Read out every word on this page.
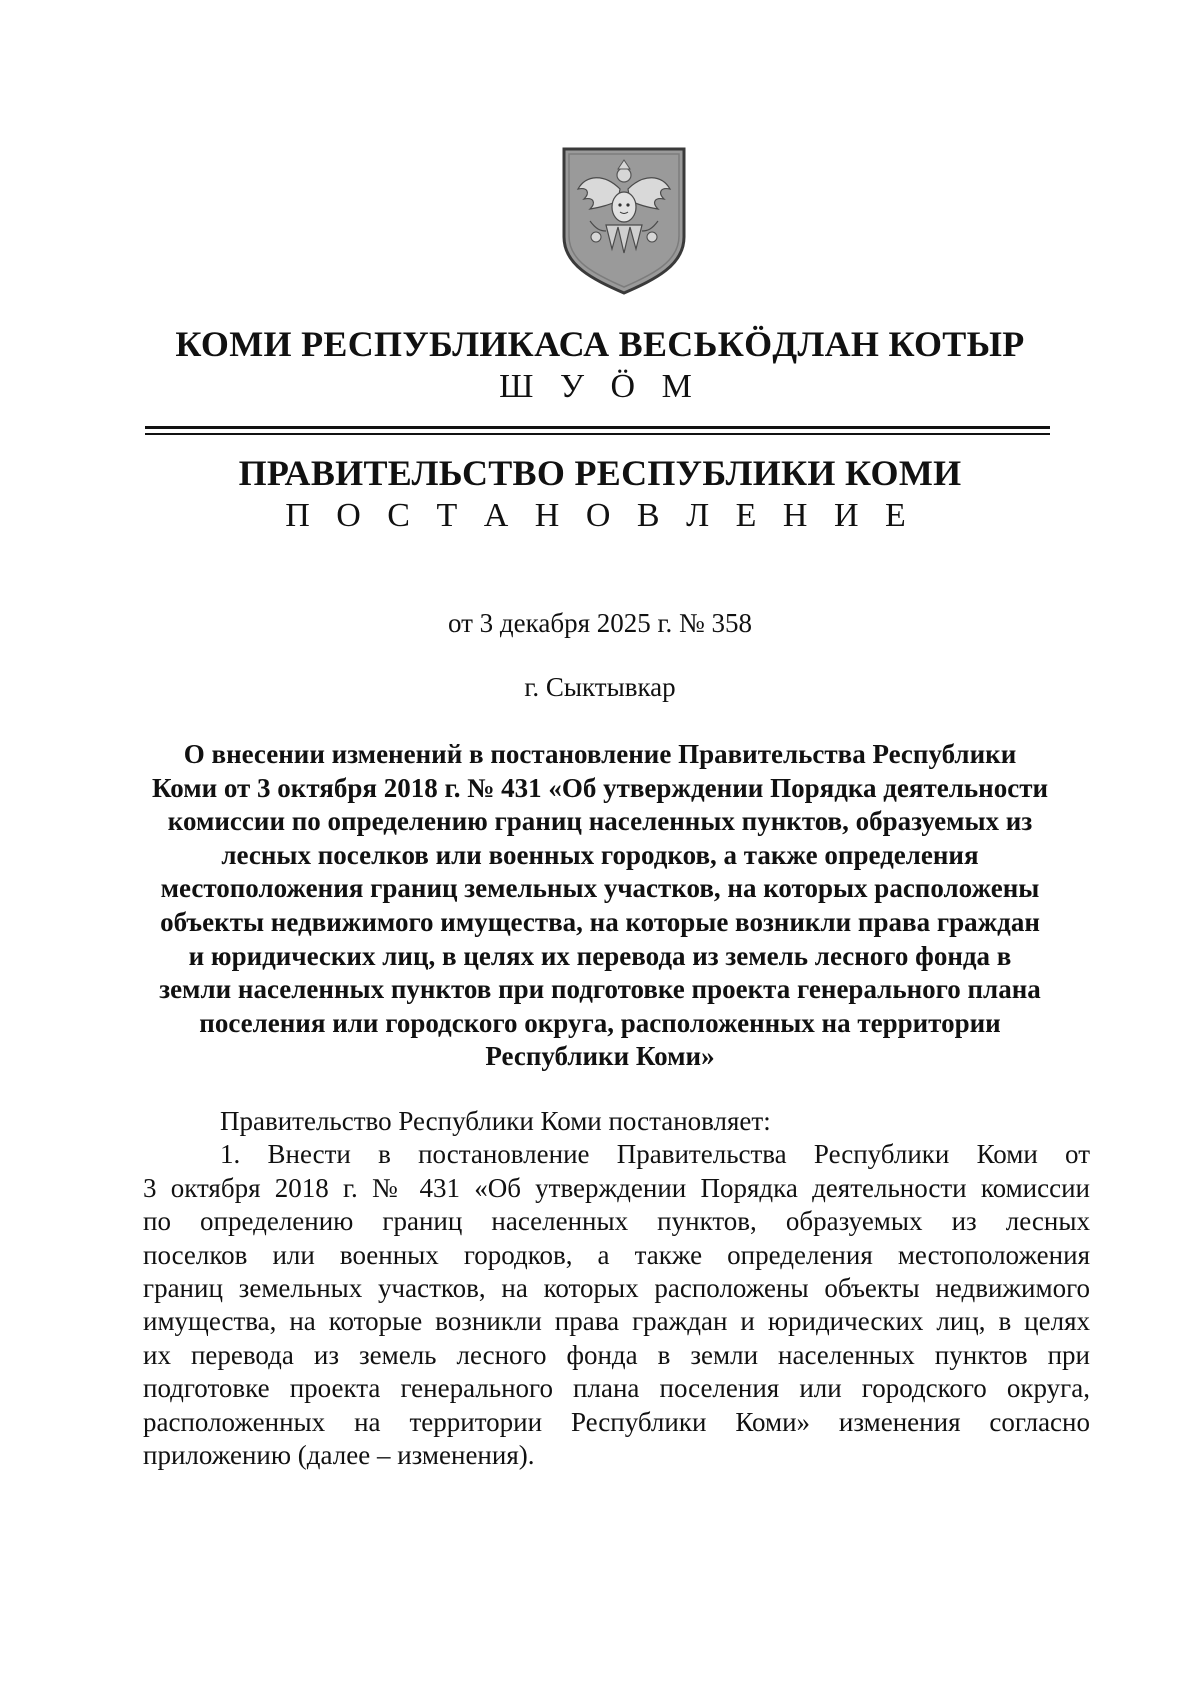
КОМИ РЕСПУБЛИКАСА ВЕСЬКӦДЛАН КОТЫР
Ш У Ӧ М
ПРАВИТЕЛЬСТВО РЕСПУБЛИКИ КОМИ
П О С Т А Н О В Л Е Н И Е
от 3 декабря 2025 г. № 358
г. Сыктывкар
О внесении изменений в постановление Правительства Республики
Коми от 3 октября 2018 г. № 431 «Об утверждении Порядка деятельности
комиссии по определению границ населенных пунктов, образуемых из
лесных поселков или военных городков, а также определения
местоположения границ земельных участков, на которых расположены
объекты недвижимого имущества, на которые возникли права граждан
и юридических лиц, в целях их перевода из земель лесного фонда в
земли населенных пунктов при подготовке проекта генерального плана
поселения или городского округа, расположенных на территории
Республики Коми»
Правительство Республики Коми постановляет:
1. Внести в постановление Правительства Республики Коми от
3 октября 2018 г. № 431 «Об утверждении Порядка деятельности комиссии
по определению границ населенных пунктов, образуемых из лесных
поселков или военных городков, а также определения местоположения
границ земельных участков, на которых расположены объекты недвижимого
имущества, на которые возникли права граждан и юридических лиц, в целях
их перевода из земель лесного фонда в земли населенных пунктов при
подготовке проекта генерального плана поселения или городского округа,
расположенных на территории Республики Коми» изменения согласно
приложению (далее – изменения).
